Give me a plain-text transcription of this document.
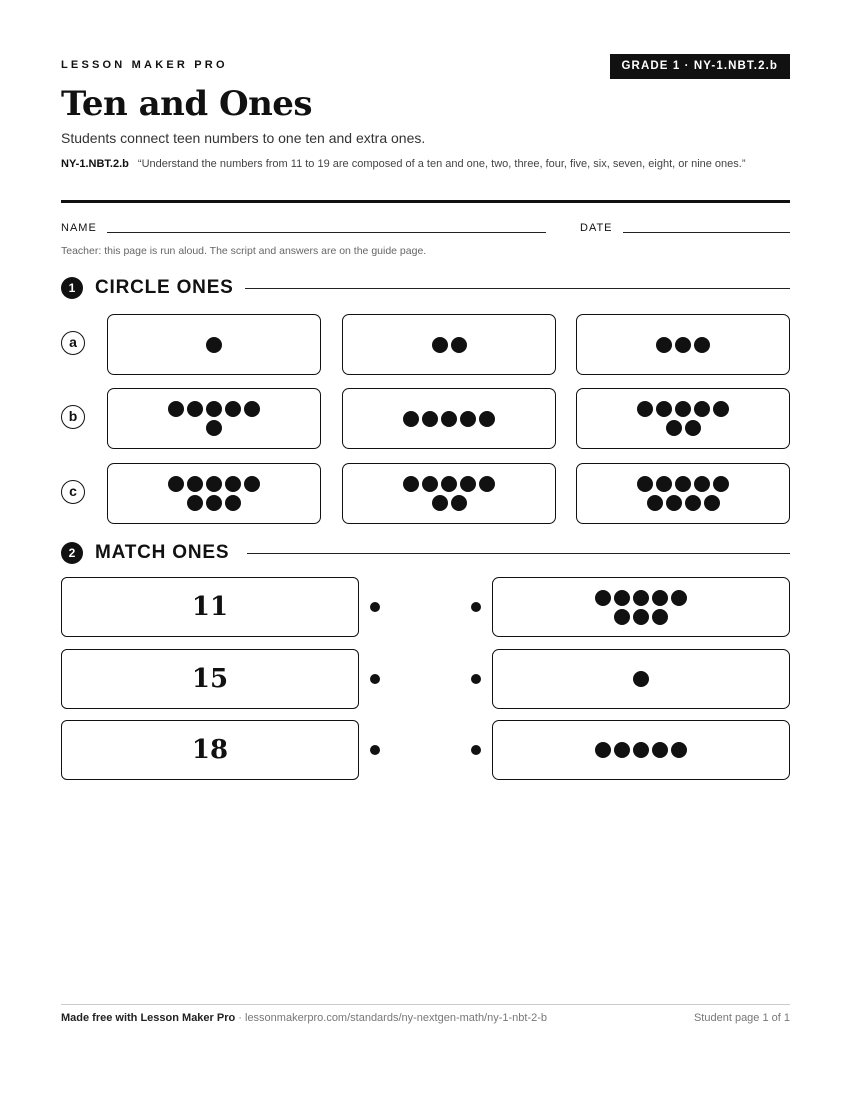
LESSON MAKER PRO	GRADE 1 · NY-1.NBT.2.b
Ten and Ones
Students connect teen numbers to one ten and extra ones.
NY-1.NBT.2.b “Understand the numbers from 11 to 19 are composed of a ten and one, two, three, four, five, six, seven, eight, or nine ones.”
NAME	DATE
Teacher: this page is run aloud. The script and answers are on the guide page.
1	CIRCLE ONES
a
b
c
2	MATCH ONES
11
15
18
Made free with Lesson Maker Pro · lessonmakerpro.com/standards/ny-nextgen-math/ny-1-nbt-2-b	Student page 1 of 1
